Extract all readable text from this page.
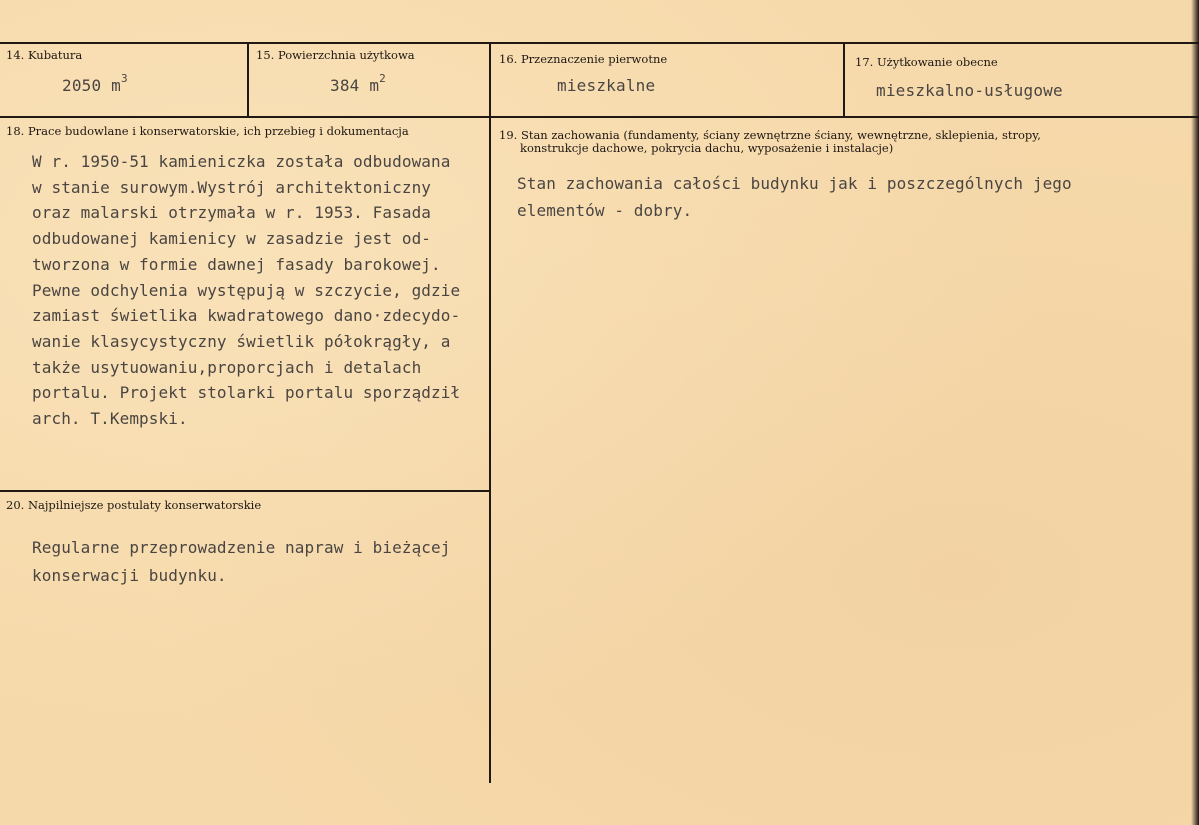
14. Kubatura
2050 $m^3$
15. Powierzchnia użytkowa
384 $m^2$
16. Przeznaczenie pierwotne
mieszkalne
17. Użytkowanie obecne
mieszkalno-usługowe
18. Prace budowlane i konserwatorskie, ich przebieg i dokumentacja
W r. 1950-51 kamieniczka została odbudowana
w stanie surowym.Wystrój architektoniczny
oraz malarski otrzymała w r. 1953. Fasada
odbudowanej kamienicy w zasadzie jest od-
tworzona w formie dawnej fasady barokowej.
Pewne odchylenia występują w szczycie, gdzie
zamiast świetlika kwadratowego dano·zdecydo-
wanie klasycystyczny świetlik półokrągły, a
także usytuowaniu,proporcjach i detalach
portalu. Projekt stolarki portalu sporządził
arch. T.Kempski.
19. Stan zachowania (fundamenty, ściany zewnętrzne ściany, wewnętrzne, sklepienia, stropy,
konstrukcje dachowe, pokrycia dachu, wyposażenie i instalacje)
Stan zachowania całości budynku jak i poszczególnych jego
elementów - dobry.
20. Najpilniejsze postulaty konserwatorskie
Regularne przeprowadzenie napraw i bieżącej
konserwacji budynku.
